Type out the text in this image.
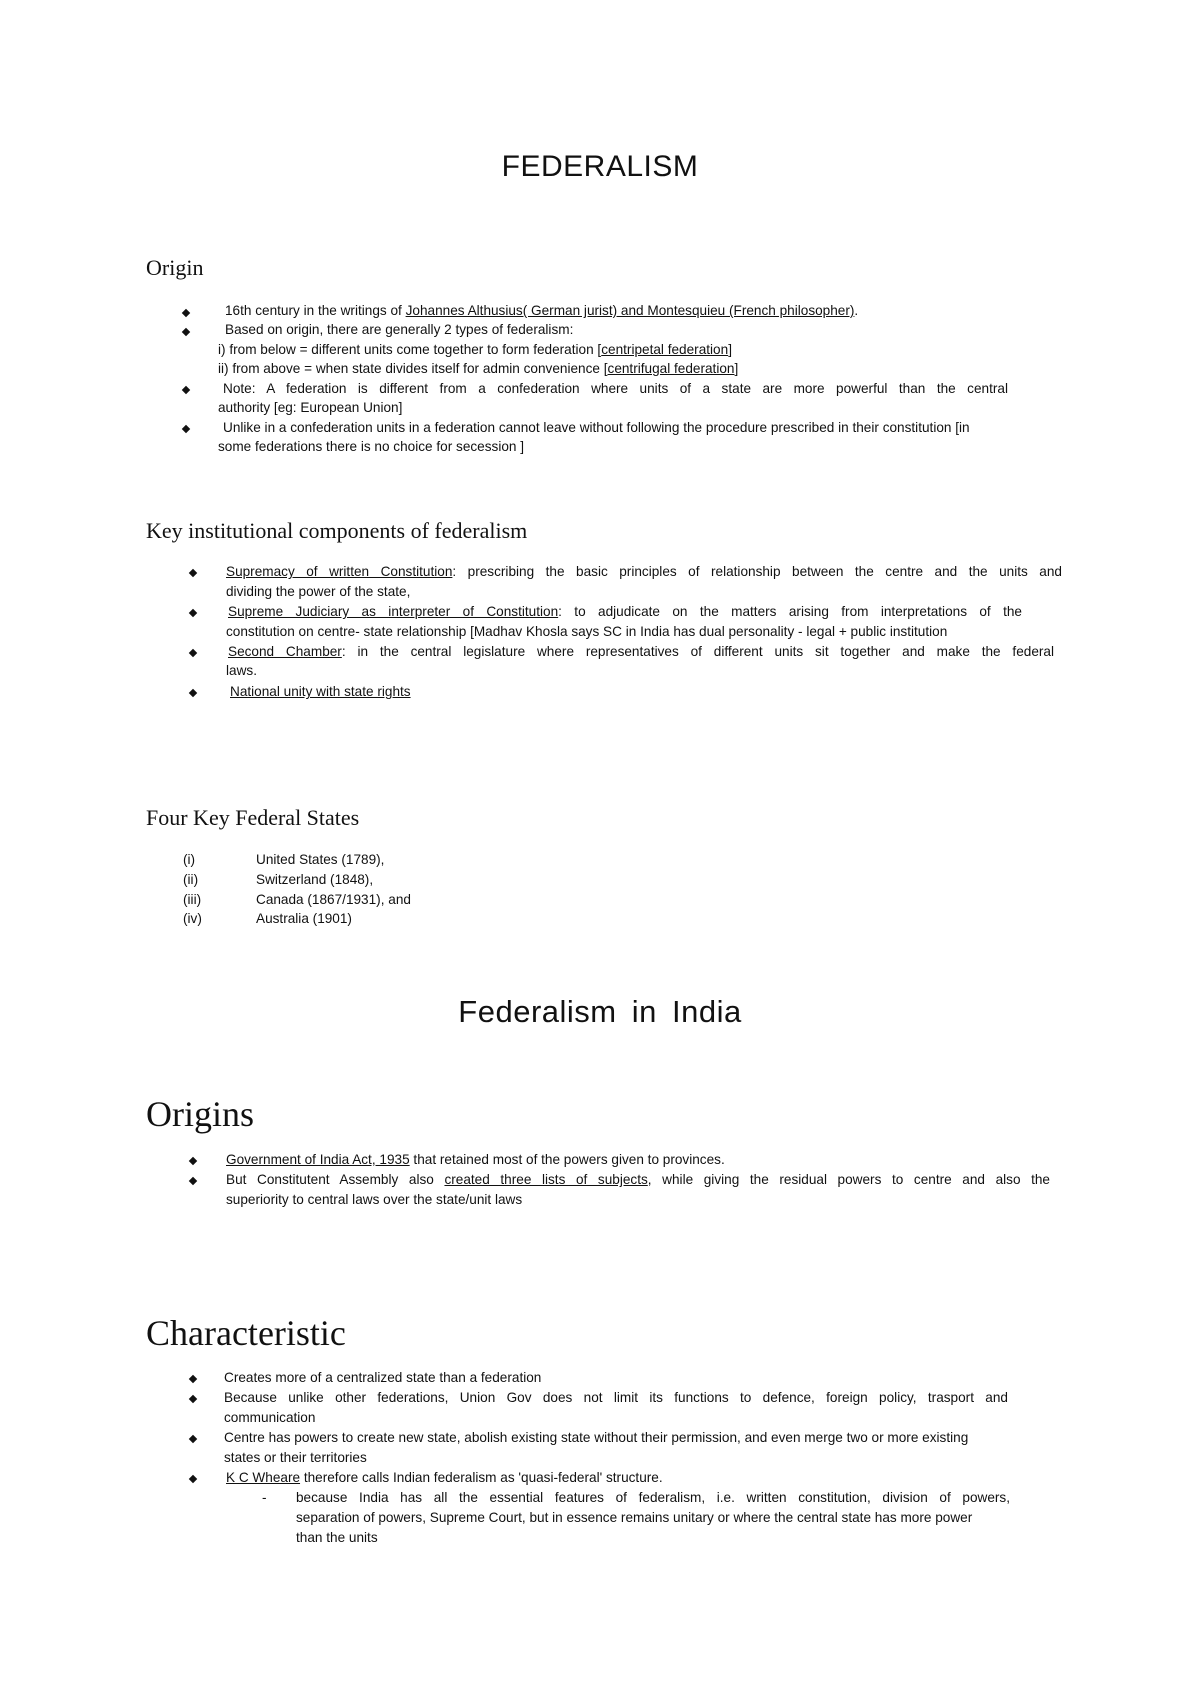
FEDERALISM
Origin
16th century in the writings of Johannes Althusius( German jurist) and Montesquieu (French philosopher).
Based on origin, there are generally 2 types of federalism:
i) from below = different units come together to form federation [centripetal federation]
ii) from above = when state divides itself for admin convenience [centrifugal federation]
Note: A federation is different from a confederation where units of a state are more powerful than the central
authority [eg: European Union]
Unlike in a confederation units in a federation cannot leave without following the procedure prescribed in their constitution [in
some federations there is no choice for secession ]
Key institutional components of federalism
Supremacy of written Constitution: prescribing the basic principles of relationship between the centre and the units and
dividing the power of the state,
Supreme Judiciary as interpreter of Constitution: to adjudicate on the matters arising from interpretations of the
constitution on centre- state relationship [Madhav Khosla says SC in India has dual personality - legal + public institution
Second Chamber: in the central legislature where representatives of different units sit together and make the federal
laws.
National unity with state rights
Four Key Federal States
(i)	United States (1789),
(ii)	Switzerland (1848),
(iii)	Canada (1867/1931), and
(iv)	Australia (1901)
Federalism in India
Origins
Government of India Act, 1935 that retained most of the powers given to provinces.
But Constitutent Assembly also created three lists of subjects, while giving the residual powers to centre and also the
superiority to central laws over the state/unit laws
Characteristic
Creates more of a centralized state than a federation
Because unlike other federations, Union Gov does not limit its functions to defence, foreign policy, trasport and
communication
Centre has powers to create new state, abolish existing state without their permission, and even merge two or more existing
states or their territories
K C Wheare therefore calls Indian federalism as 'quasi-federal' structure.
- because India has all the essential features of federalism, i.e. written constitution, division of powers,
separation of powers, Supreme Court, but in essence remains unitary or where the central state has more power
than the units
